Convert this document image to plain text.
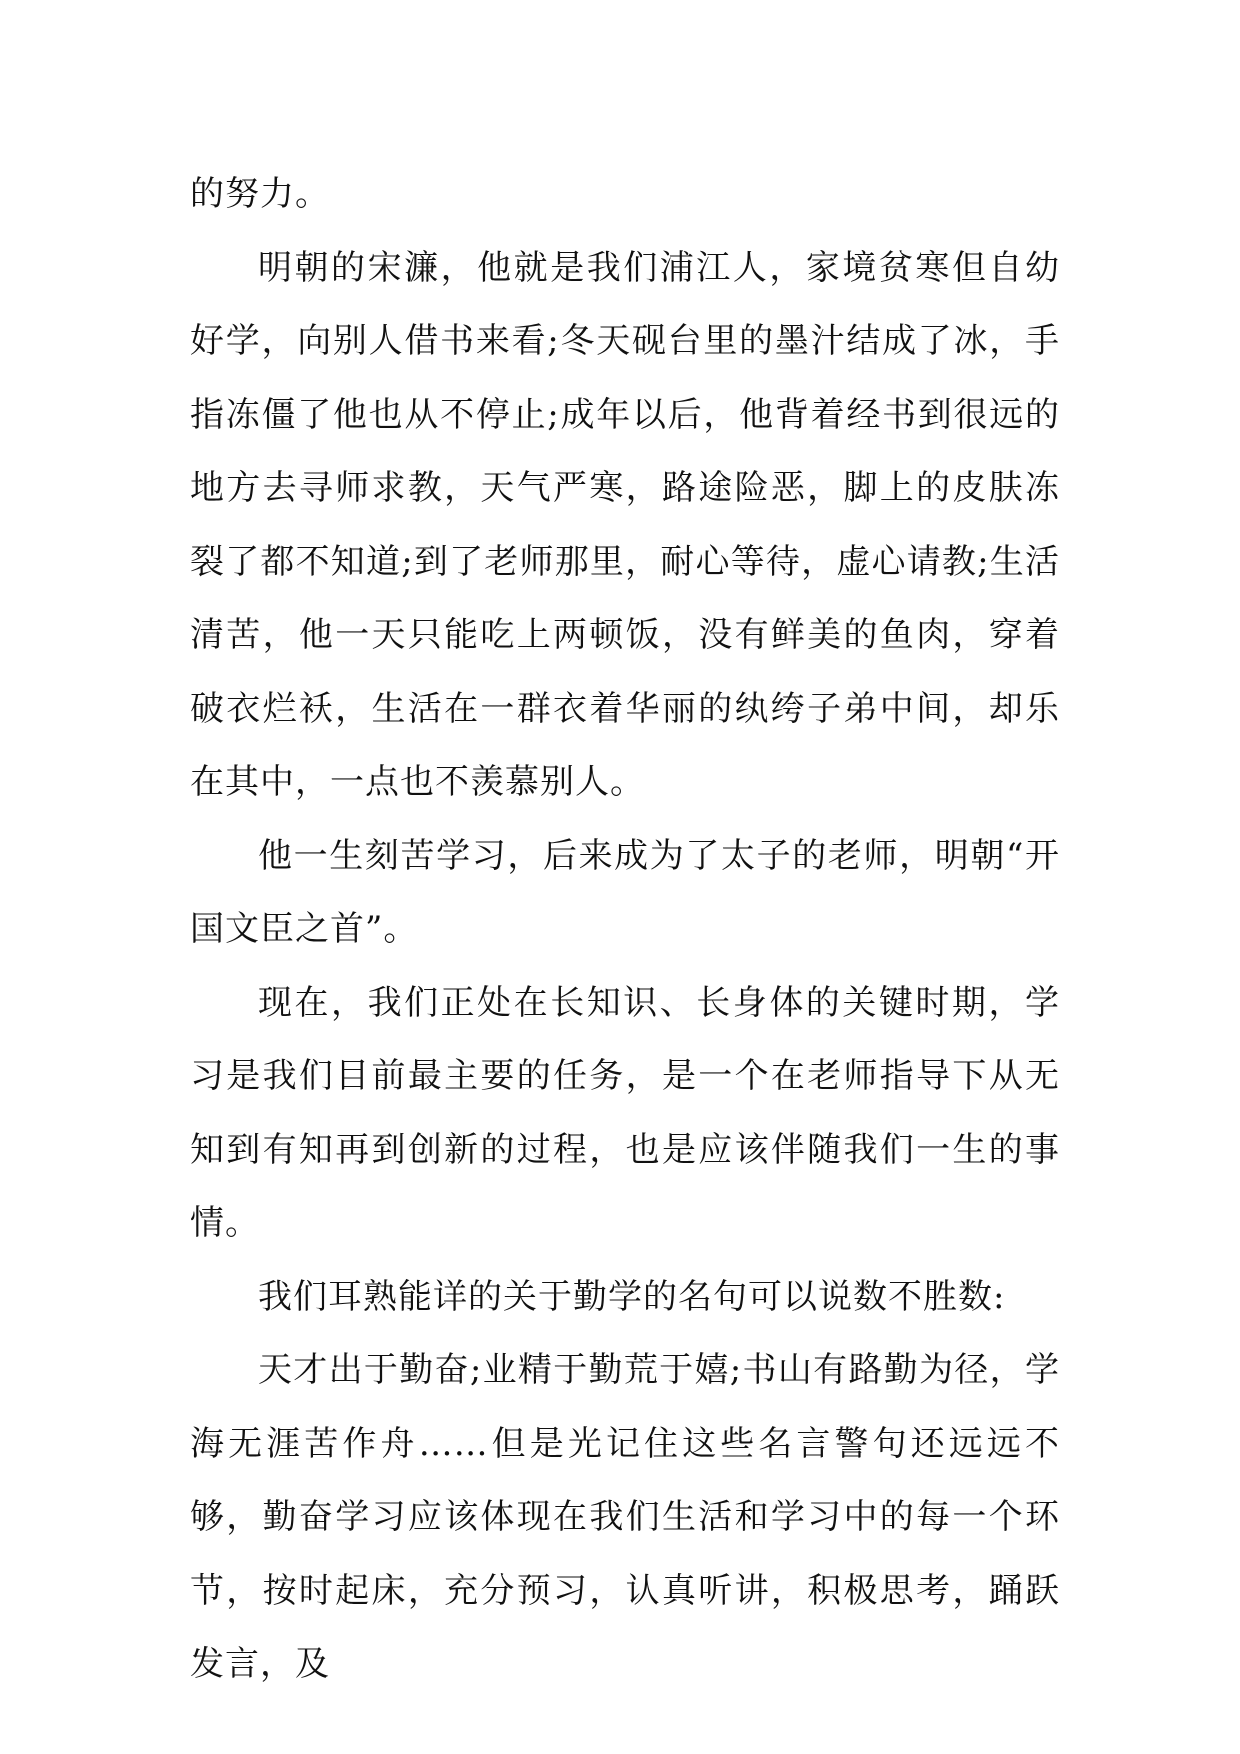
的努力。

明朝的宋濂，他就是我们浦江人，家境贫寒但自幼好学，向别人借书来看;冬天砚台里的墨汁结成了冰，手指冻僵了他也从不停止;成年以后，他背着经书到很远的地方去寻师求教，天气严寒，路途险恶，脚上的皮肤冻裂了都不知道;到了老师那里，耐心等待，虚心请教;生活清苦，他一天只能吃上两顿饭，没有鲜美的鱼肉，穿着破衣烂袄，生活在一群衣着华丽的纨绔子弟中间，却乐在其中，一点也不羡慕别人。

他一生刻苦学习，后来成为了太子的老师，明朝“开国文臣之首”。

现在，我们正处在长知识、长身体的关键时期，学习是我们目前最主要的任务，是一个在老师指导下从无知到有知再到创新的过程，也是应该伴随我们一生的事情。

我们耳熟能详的关于勤学的名句可以说数不胜数:

天才出于勤奋;业精于勤荒于嬉;书山有路勤为径，学海无涯苦作舟……但是光记住这些名言警句还远远不够，勤奋学习应该体现在我们生活和学习中的每一个环节，按时起床，充分预习，认真听讲，积极思考，踊跃发言，及
